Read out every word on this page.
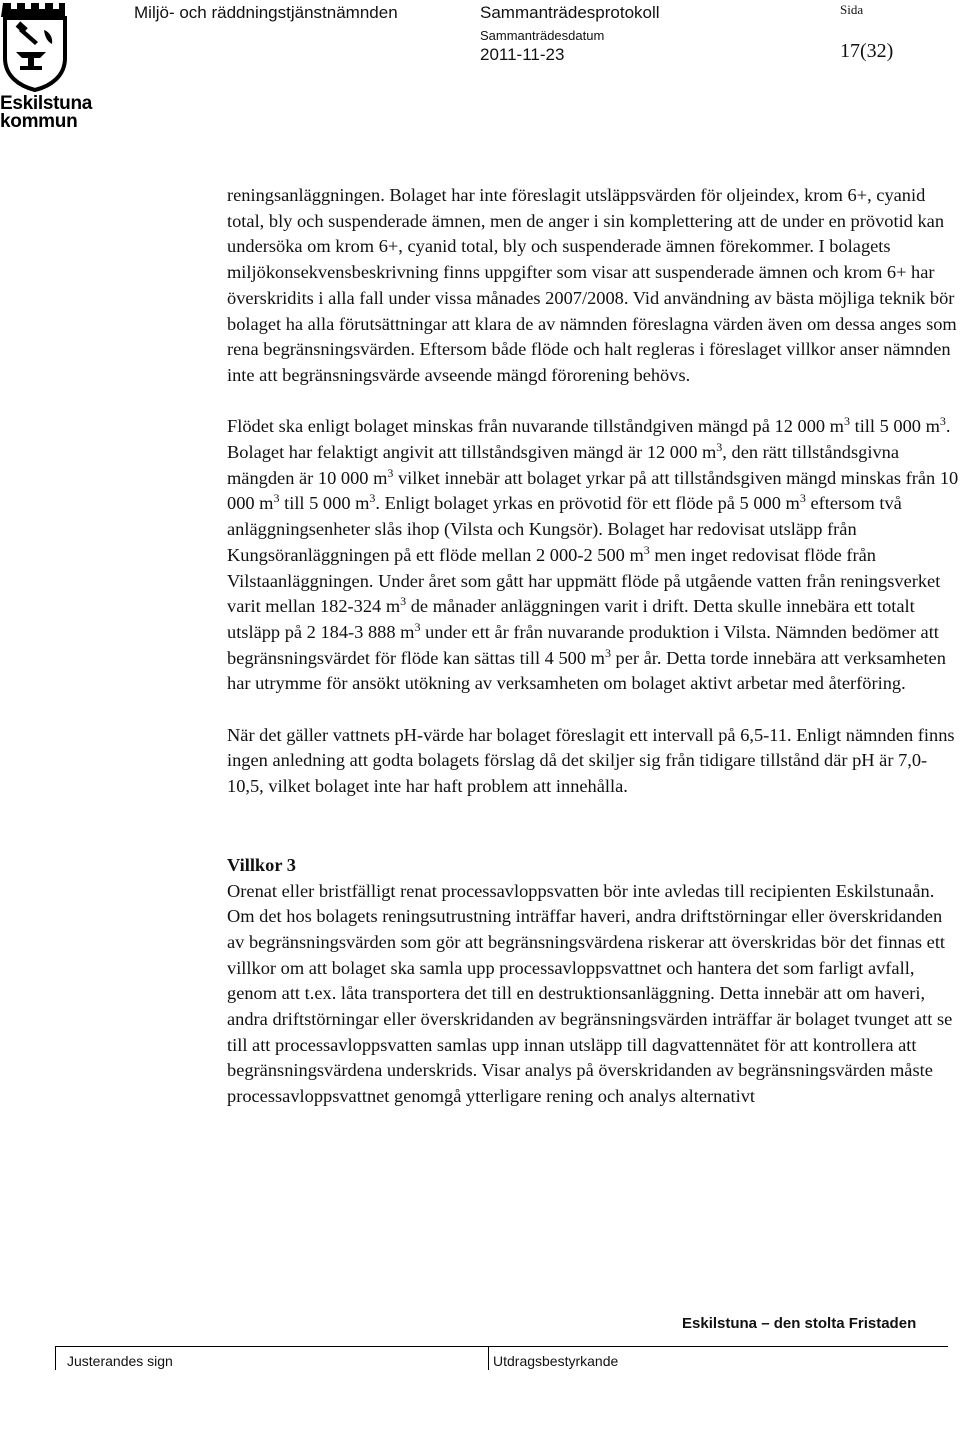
Eskilstuna
kommun
Miljö- och räddningstjänstnämnden	Sammanträdesprotokoll
Sammanträdesdatum
2011-11-23
Sida
17(32)

reningsanläggningen. Bolaget har inte föreslagit utsläppsvärden för oljeindex, krom 6+, cyanid total, bly och suspenderade ämnen, men de anger i sin komplettering att de under en prövotid kan undersöka om krom 6+, cyanid total, bly och suspenderade ämnen förekommer. I bolagets miljökonsekvensbeskrivning finns uppgifter som visar att suspenderade ämnen och krom 6+ har överskridits i alla fall under vissa månades 2007/2008. Vid användning av bästa möjliga teknik bör bolaget ha alla förutsättningar att klara de av nämnden föreslagna värden även om dessa anges som rena begränsningsvärden. Eftersom både flöde och halt regleras i föreslaget villkor anser nämnden inte att begränsningsvärde avseende mängd förorening behövs.

Flödet ska enligt bolaget minskas från nuvarande tillståndgiven mängd på 12 000 $m^3$ till 5 000 $m^3$. Bolaget har felaktigt angivit att tillståndsgiven mängd är 12 000 $m^3$, den rätt tillståndsgivna mängden är 10 000 $m^3$ vilket innebär att bolaget yrkar på att tillståndsgiven mängd minskas från 10 000 $m^3$ till 5 000 $m^3$. Enligt bolaget yrkas en prövotid för ett flöde på 5 000 $m^3$ eftersom två anläggningsenheter slås ihop (Vilsta och Kungsör). Bolaget har redovisat utsläpp från Kungsöranläggningen på ett flöde mellan 2 000-2 500 $m^3$ men inget redovisat flöde från Vilstaanläggningen. Under året som gått har uppmätt flöde på utgående vatten från reningsverket varit mellan 182-324 $m^3$ de månader anläggningen varit i drift. Detta skulle innebära ett totalt utsläpp på 2 184-3 888 $m^3$ under ett år från nuvarande produktion i Vilsta. Nämnden bedömer att begränsningsvärdet för flöde kan sättas till 4 500 $m^3$ per år. Detta torde innebära att verksamheten har utrymme för ansökt utökning av verksamheten om bolaget aktivt arbetar med återföring.

När det gäller vattnets pH-värde har bolaget föreslagit ett intervall på 6,5-11. Enligt nämnden finns ingen anledning att godta bolagets förslag då det skiljer sig från tidigare tillstånd där pH är 7,0-10,5, vilket bolaget inte har haft problem att innehålla.

Villkor 3

Orenat eller bristfälligt renat processavloppsvatten bör inte avledas till recipienten Eskilstunaån. Om det hos bolagets reningsutrustning inträffar haveri, andra driftstörningar eller överskridanden av begränsningsvärden som gör att begränsningsvärdena riskerar att överskridas bör det finnas ett villkor om att bolaget ska samla upp processavloppsvattnet och hantera det som farligt avfall, genom att t.ex. låta transportera det till en destruktionsanläggning. Detta innebär att om haveri, andra driftstörningar eller överskridanden av begränsningsvärden inträffar är bolaget tvunget att se till att processavloppsvatten samlas upp innan utsläpp till dagvattennätet för att kontrollera att begränsningsvärdena underskrids. Visar analys på överskridanden av begränsningsvärden måste processavloppsvattnet genomgå ytterligare rening och analys alternativt

Eskilstuna – den stolta Fristaden
Justerandes sign	Utdragsbestyrkande
